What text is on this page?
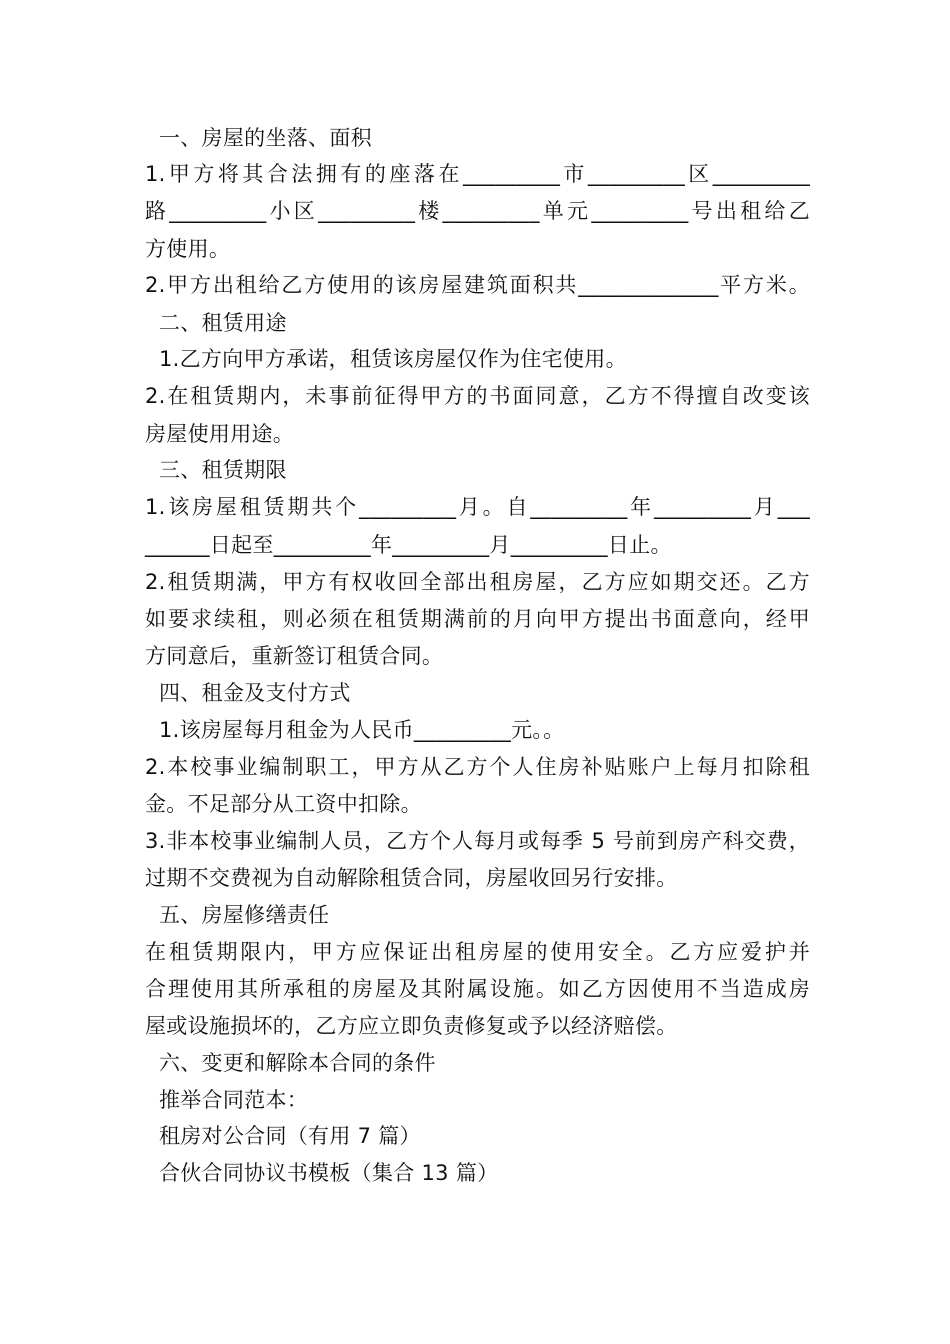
一、房屋的坐落、面积
1.甲方将其合法拥有的座落在_________市_________区_________
路_________小区_________楼_________单元_________号出租给乙
方使用。
2.甲方出租给乙方使用的该房屋建筑面积共_____________平方米。
二、租赁用途
1.乙方向甲方承诺，租赁该房屋仅作为住宅使用。
2.在租赁期内，未事前征得甲方的书面同意，乙方不得擅自改变该
房屋使用用途。
三、租赁期限
1.该房屋租赁期共个_________月。自_________年_________月___
______日起至_________年_________月_________日止。
2.租赁期满，甲方有权收回全部出租房屋，乙方应如期交还。乙方
如要求续租，则必须在租赁期满前的月向甲方提出书面意向，经甲
方同意后，重新签订租赁合同。
四、租金及支付方式
1.该房屋每月租金为人民币_________元。。
2.本校事业编制职工，甲方从乙方个人住房补贴账户上每月扣除租
金。不足部分从工资中扣除。
3.非本校事业编制人员，乙方个人每月或每季 5 号前到房产科交费，
过期不交费视为自动解除租赁合同，房屋收回另行安排。
五、房屋修缮责任
在租赁期限内，甲方应保证出租房屋的使用安全。乙方应爱护并
合理使用其所承租的房屋及其附属设施。如乙方因使用不当造成房
屋或设施损坏的，乙方应立即负责修复或予以经济赔偿。
六、变更和解除本合同的条件
推举合同范本：
租房对公合同（有用 7 篇）
合伙合同协议书模板（集合 13 篇）
